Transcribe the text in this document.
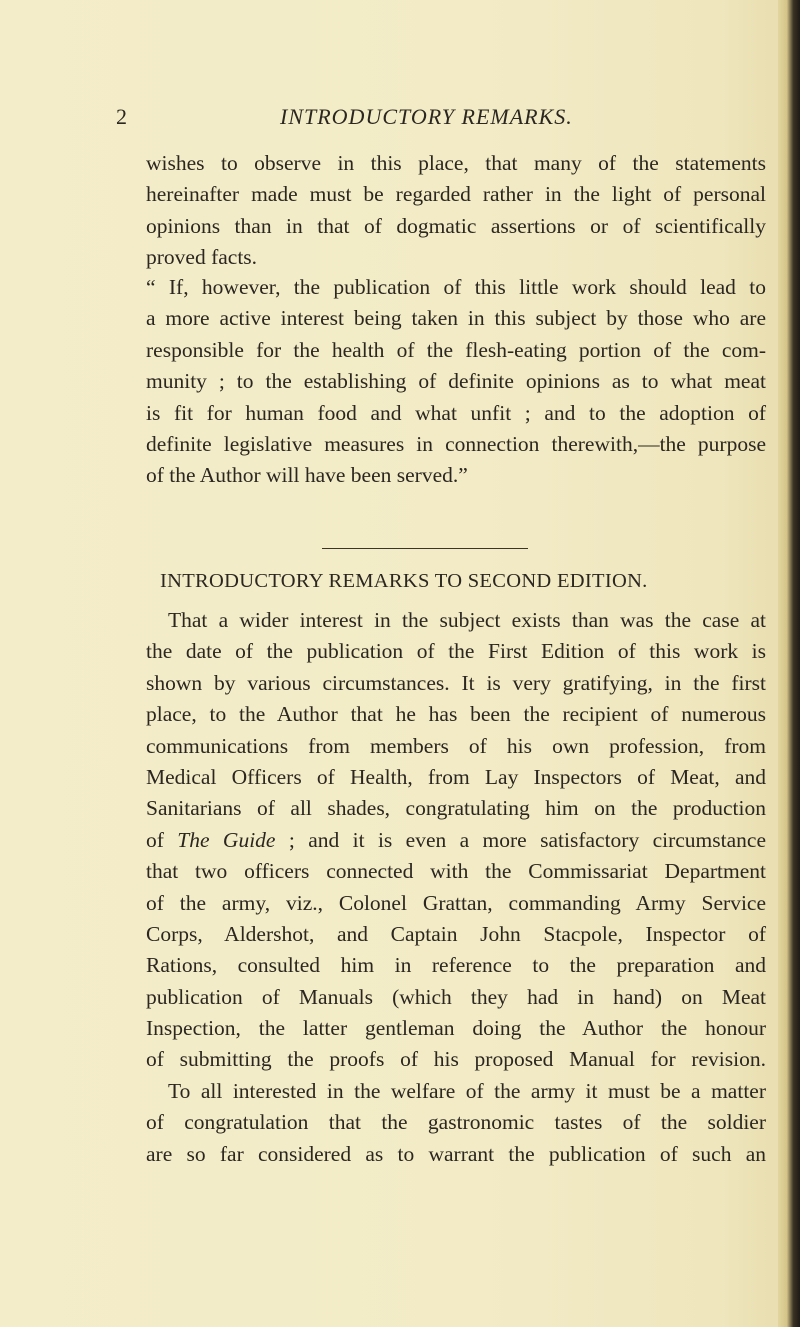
2	INTRODUCTORY REMARKS.
wishes to observe in this place, that many of the statements
hereinafter made must be regarded rather in the light of personal
opinions than in that of dogmatic assertions or of scientifically
proved facts.
“ If, however, the publication of this little work should lead to
a more active interest being taken in this subject by those who are
responsible for the health of the flesh-eating portion of the com-
munity ; to the establishing of definite opinions as to what meat
is fit for human food and what unfit ; and to the adoption of
definite legislative measures in connection therewith,—the purpose
of the Author will have been served.”
INTRODUCTORY REMARKS TO SECOND EDITION.
That a wider interest in the subject exists than was the case at
the date of the publication of the First Edition of this work is
shown by various circumstances. It is very gratifying, in the first
place, to the Author that he has been the recipient of numerous
communications from members of his own profession, from
Medical Officers of Health, from Lay Inspectors of Meat, and
Sanitarians of all shades, congratulating him on the production
of The Guide ; and it is even a more satisfactory circumstance
that two officers connected with the Commissariat Department
of the army, viz., Colonel Grattan, commanding Army Service
Corps, Aldershot, and Captain John Stacpole, Inspector of
Rations, consulted him in reference to the preparation and
publication of Manuals (which they had in hand) on Meat
Inspection, the latter gentleman doing the Author the honour
of submitting the proofs of his proposed Manual for revision.
To all interested in the welfare of the army it must be a matter
of congratulation that the gastronomic tastes of the soldier
are so far considered as to warrant the publication of such an
